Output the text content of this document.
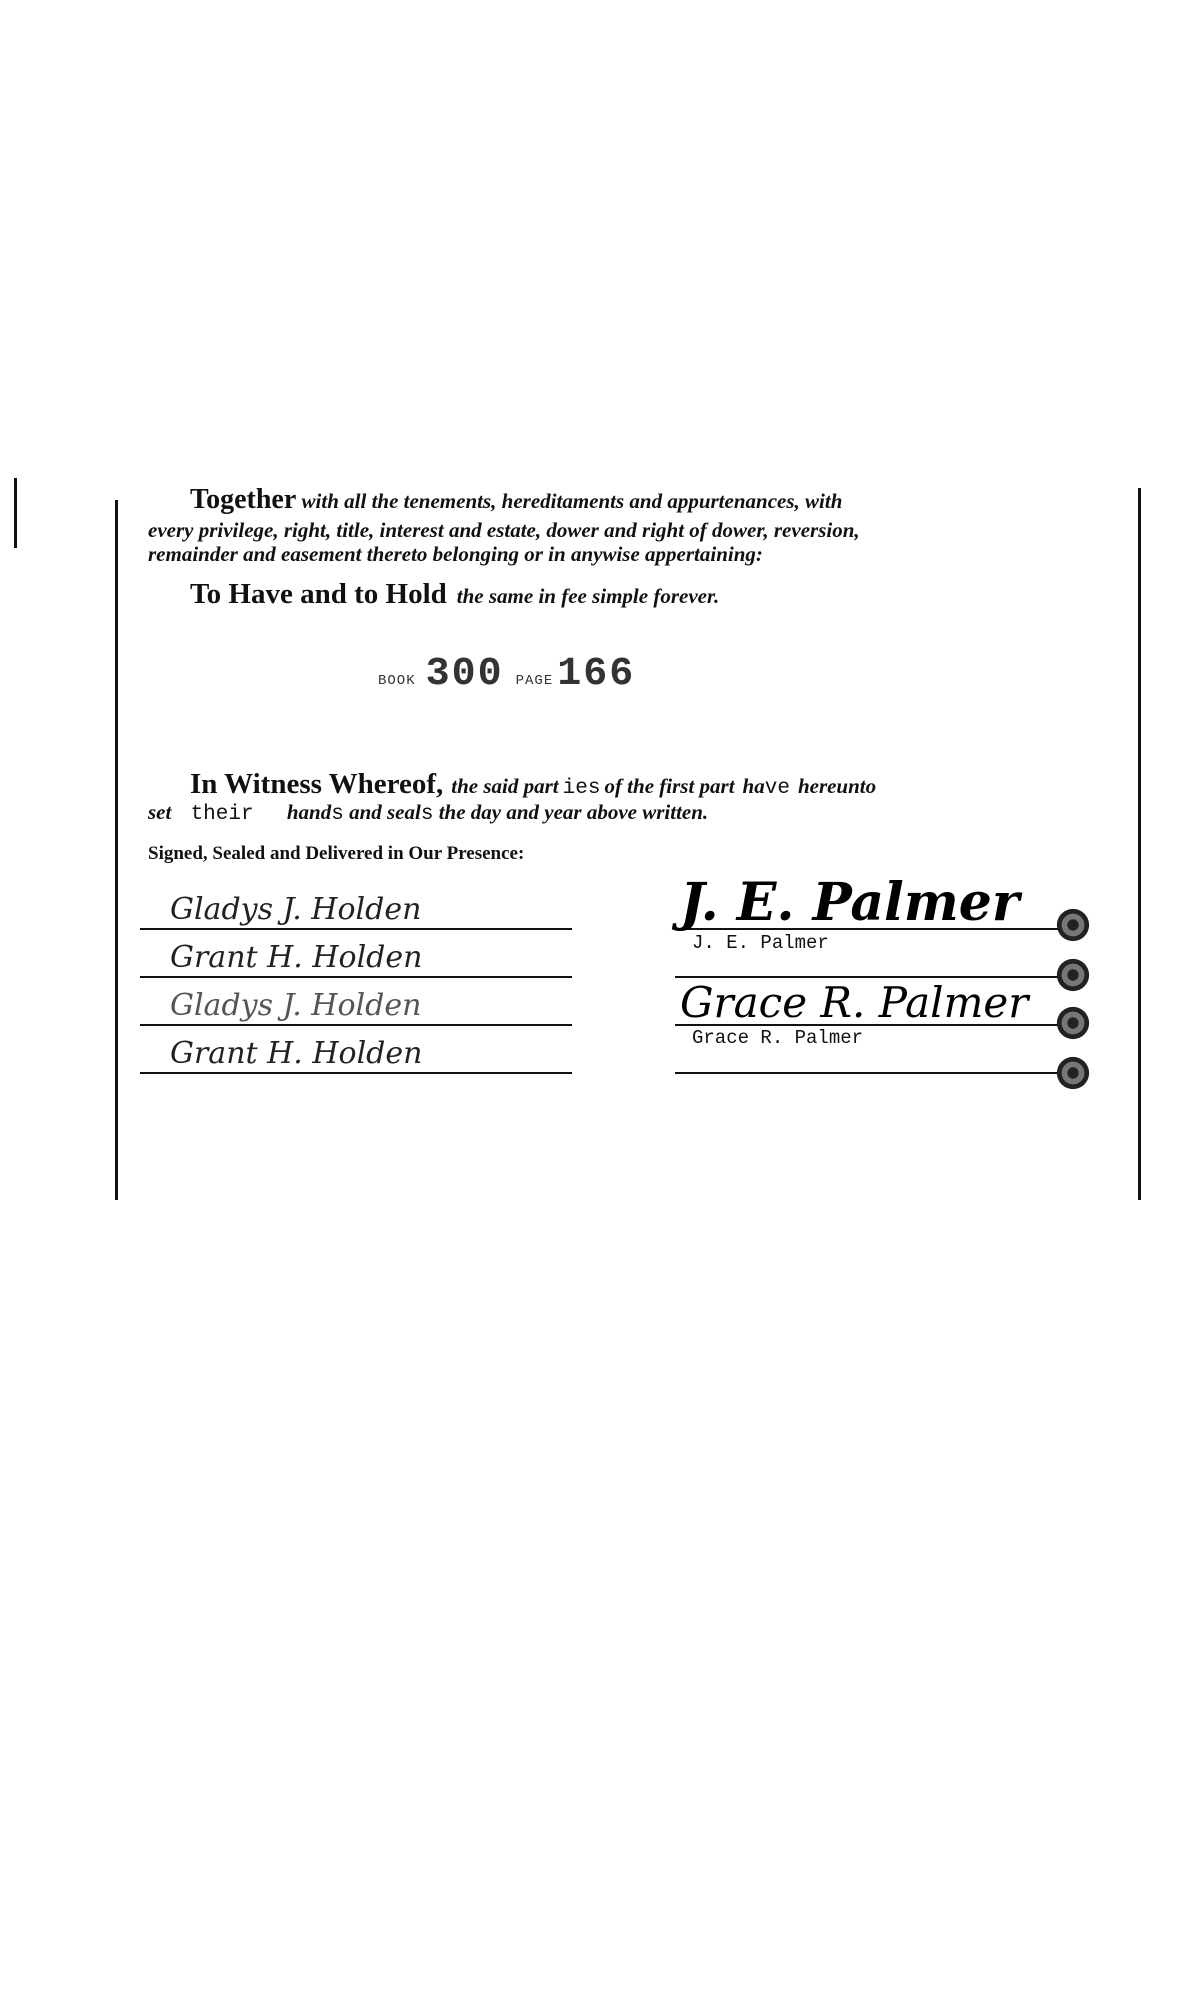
Together with all the tenements, hereditaments and appurtenances, with
every privilege, right, title, interest and estate, dower and right of dower, reversion,
remainder and easement thereto belonging or in anywise appertaining:
To Have and to Hold the same in fee simple forever.
BOOK 300 PAGE 166
In Witness Whereof, the said part ies of the first part have hereunto
set their hands and seals the day and year above written.
Signed, Sealed and Delivered in Our Presence:
Gladys J. Holden
Grant H. Holden
Gladys J. Holden
Grant H. Holden
J. E. Palmer
J. E. Palmer
Grace R. Palmer
Grace R. Palmer
